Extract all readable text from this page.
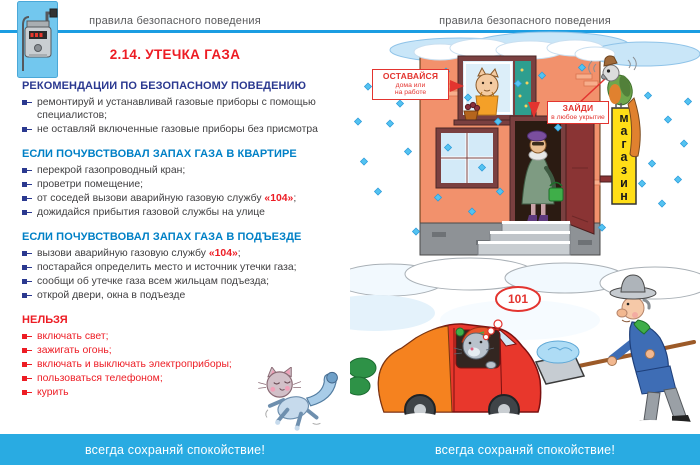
правила безопасного поведения
2.14. УТЕЧКА ГАЗА
РЕКОМЕНДАЦИИ ПО БЕЗОПАСНОМУ ПОВЕДЕНИЮ
ремонтируй и устанавливай газовые приборы с помощью специалистов;
не оставляй включенные газовые приборы без присмотра
ЕСЛИ ПОЧУВСТВОВАЛ ЗАПАХ ГАЗА В КВАРТИРЕ
перекрой газопроводный кран;
проветри помещение;
от соседей вызови аварийную газовую службу «104»;
дожидайся прибытия газовой службы на улице
ЕСЛИ ПОЧУВСТВОВАЛ ЗАПАХ ГАЗА В ПОДЪЕЗДЕ
вызови аварийную газовую службу «104»;
постарайся определить место и источник утечки газа;
сообщи об утечке газа всем жильцам подъезда;
открой двери, окна в подъезде
НЕЛЬЗЯ
включать свет;
зажигать огонь;
включать и выключать электроприборы;
пользоваться телефоном;
курить
правила безопасного поведения
ОСТАВАЙСЯ
дома или
на работе
ЗАЙДИ
в любое укрытие магазин
101
всегда сохраняй спокойствие!	всегда сохраняй спокойствие!
